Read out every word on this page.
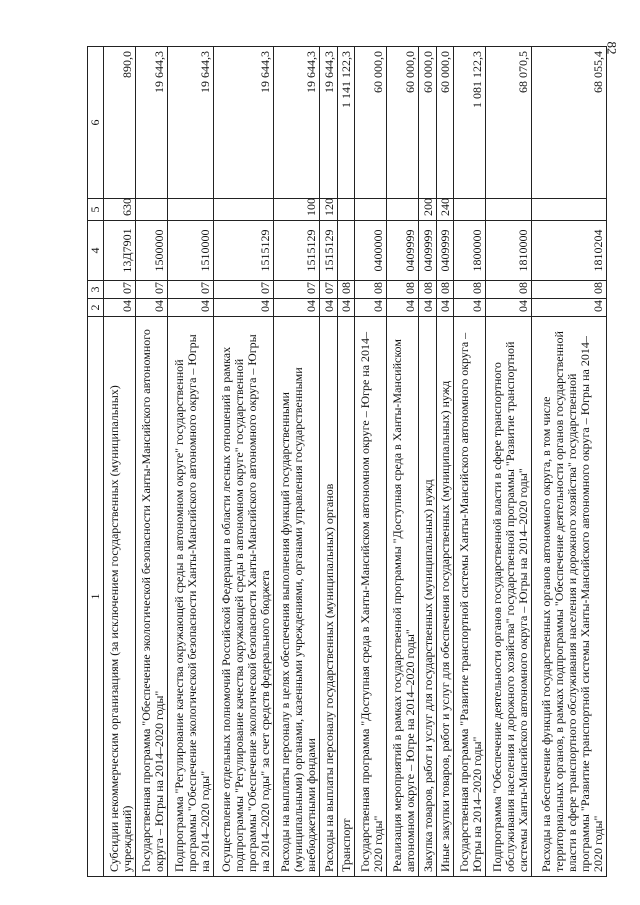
82
1	2	3	4	5	6
Субсидии некоммерческим организациям (за исключением государственных (муниципальных) учреждений)	04	07	13Д7901	630	890,0
Государственная программа "Обеспечение экологической безопасности Ханты-Мансийского автономного округа – Югры на 2014–2020 годы"	04	07	1500000		19 644,3
Подпрограмма "Регулирование качества окружающей среды в автономном округе" государственной программы "Обеспечение экологической безопасности Ханты-Мансийского автономного округа – Югры на 2014–2020 годы"	04	07	1510000		19 644,3
Осуществление отдельных полномочий Российской Федерации в области лесных отношений в рамках подпрограммы "Регулирование качества окружающей среды в автономном округе" государственной программы "Обеспечение экологической безопасности Ханты-Мансийского автономного округа – Югры на 2014–2020 годы" за счет средств федерального бюджета	04	07	1515129		19 644,3
Расходы на выплаты персоналу в целях обеспечения выполнения функций государственными (муниципальными) органами, казенными учреждениями, органами управления государственными внебюджетными фондами	04	07	1515129	100	19 644,3
Расходы на выплаты персоналу государственных (муниципальных) органов	04	07	1515129	120	19 644,3
Транспорт	04	08			1 141 122,3
Государственная программа "Доступная среда в Ханты-Мансийском автономном округе – Югре на 2014–2020 годы"	04	08	0400000		60 000,0
Реализация мероприятий в рамках государственной программы "Доступная среда в Ханты-Мансийском автономном округе – Югре на 2014–2020 годы"	04	08	0409999		60 000,0
Закупка товаров, работ и услуг для государственных (муниципальных) нужд	04	08	0409999	200	60 000,0
Иные закупки товаров, работ и услуг для обеспечения государственных (муниципальных) нужд	04	08	0409999	240	60 000,0
Государственная программа "Развитие транспортной системы Ханты-Мансийского автономного округа – Югры на 2014–2020 годы"	04	08	1800000		1 081 122,3
Подпрограмма "Обеспечение деятельности органов государственной власти в сфере транспортного обслуживания населения и дорожного хозяйства" государственной программы "Развитие транспортной системы Ханты-Мансийского автономного округа – Югры на 2014–2020 годы"	04	08	1810000		68 070,5
Расходы на обеспечение функций государственных органов автономного округа, в том числе территориальных органов, в рамках подпрограммы "Обеспечение деятельности органов государственной власти в сфере транспортного обслуживания населения и дорожного хозяйства" государственной программы "Развитие транспортной системы Ханты-Мансийского автономного округа – Югры на 2014–2020 годы"	04	08	1810204		68 055,4
